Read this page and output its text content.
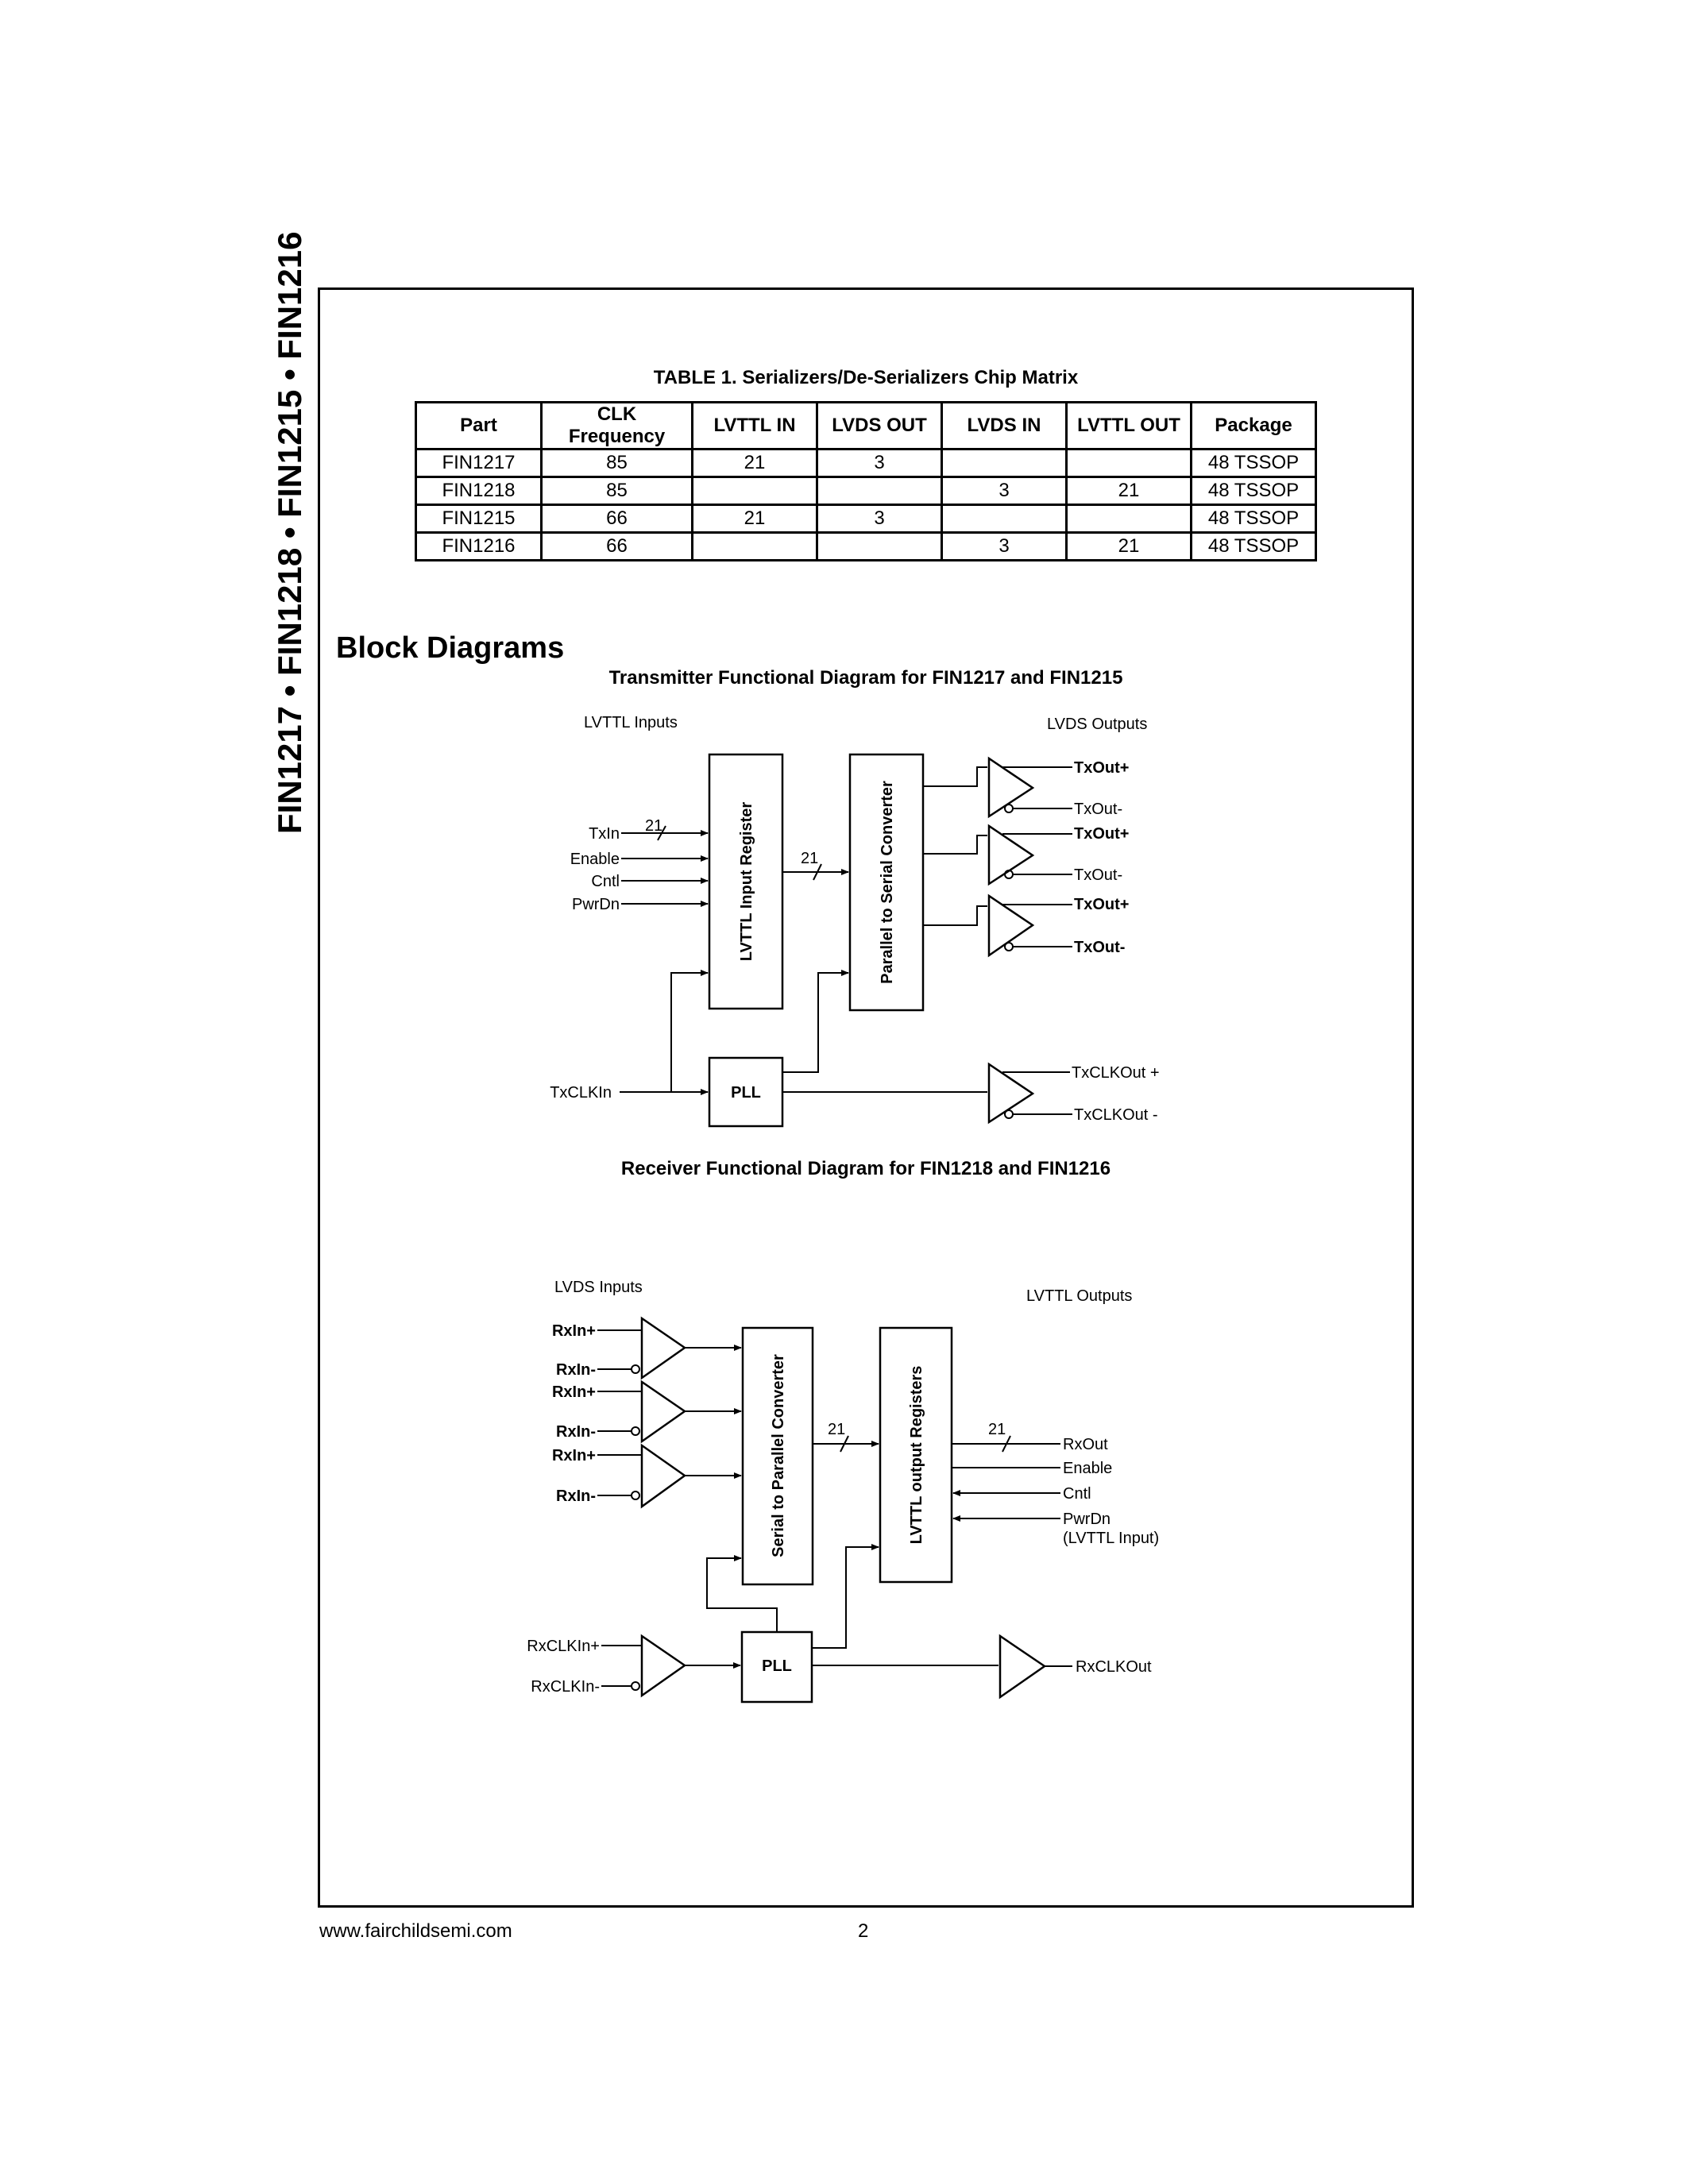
FIN1217 • FIN1218 • FIN1215 • FIN1216	TABLE 1. Serializers/De-Serializers Chip Matrix
Part	CLK Frequency	LVTTL IN	LVDS OUT	LVDS IN	LVTTL OUT	Package
FIN1217	85	21	3			48 TSSOP
FIN1218	85			3	21	48 TSSOP
FIN1215	66	21	3			48 TSSOP
FIN1216	66			3	21	48 TSSOP
Block Diagrams
Transmitter Functional Diagram for FIN1217 and FIN1215
Receiver Functional Diagram for FIN1218 and FIN1216
LVTTL Inputs	LVDS Outputs
LVTTL Input Register	Parallel to Serial Converter
PLL
TxIn 21
Enable
Cntl
PwrDn
21
TxOut+
TxOut-
TxOut+
TxOut-
TxOut+
TxOut-
TxCLKIn
TxCLKOut +
TxCLKOut -
LVDS Inputs	LVTTL Outputs
RxIn+
RxIn-
RxIn+
RxIn-
RxIn+
RxIn-	Serial to Parallel Converter	LVTTL output Registers
21	21
RxOut
Enable
Cntl
PwrDn
(LVTTL Input)
RxCLKIn+
RxCLKIn-
PLL	RxCLKOut
www.fairchildsemi.com	2
